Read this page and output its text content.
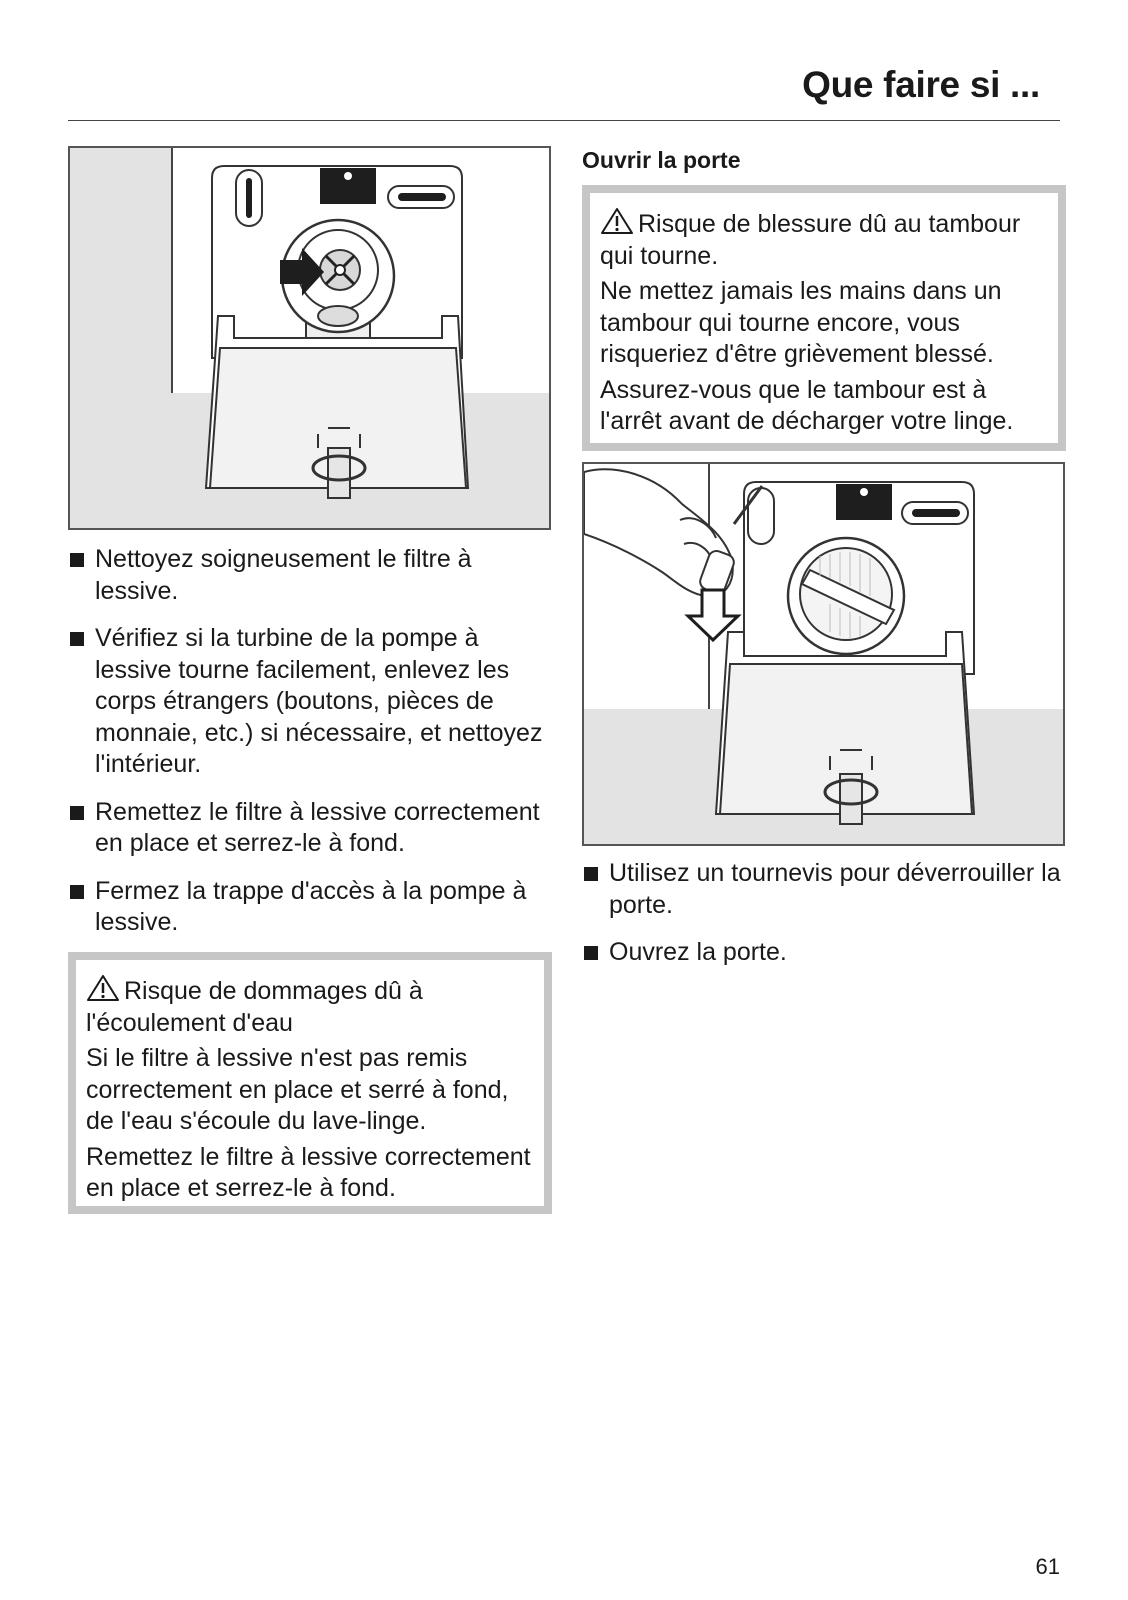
Que faire si ...
Nettoyez soigneusement le filtre à lessive.
Vérifiez si la turbine de la pompe à lessive tourne facilement, enlevez les corps étrangers (boutons, pièces de monnaie, etc.) si nécessaire, et nettoyez l'intérieur.
Remettez le filtre à lessive correctement en place et serrez-le à fond.
Fermez la trappe d'accès à la pompe à lessive.

Risque de dommages dû à l'écoulement d'eau

Si le filtre à lessive n'est pas remis correctement en place et serré à fond, de l'eau s'écoule du lave-linge.

Remettez le filtre à lessive correctement en place et serrez-le à fond.

Ouvrir la porte

Risque de blessure dû au tambour qui tourne.

Ne mettez jamais les mains dans un tambour qui tourne encore, vous risqueriez d'être grièvement blessé.

Assurez-vous que le tambour est à l'arrêt avant de décharger votre linge.

Utilisez un tournevis pour déverrouiller la porte.
Ouvrez la porte.
61
